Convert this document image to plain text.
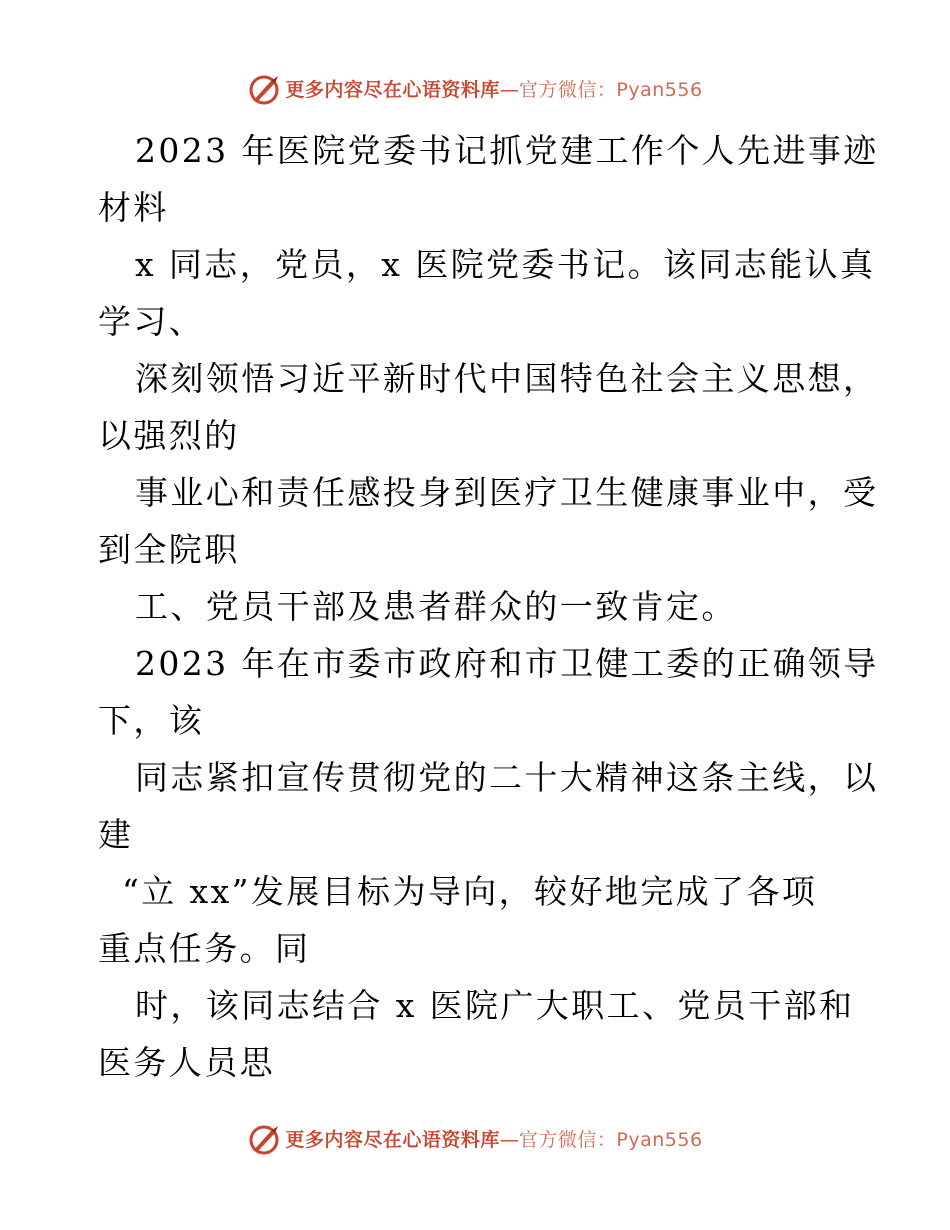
更多内容尽在心语资料库 — 官方微信：Pyan556
2023 年医院党委书记抓党建工作个人先进事迹
材料
x 同志，党员，x 医院党委书记。该同志能认真
学习、
深刻领悟习近平新时代中国特色社会主义思想，
以强烈的
事业心和责任感投身到医疗卫生健康事业中，受
到全院职
工、党员干部及患者群众的一致肯定。
2023 年在市委市政府和市卫健工委的正确领导
下，该
同志紧扣宣传贯彻党的二十大精神这条主线，以
建
“立 xx”发展目标为导向，较好地完成了各项
重点任务。同
时，该同志结合 x 医院广大职工、党员干部和
医务人员思
更多内容尽在心语资料库 — 官方微信：Pyan556
